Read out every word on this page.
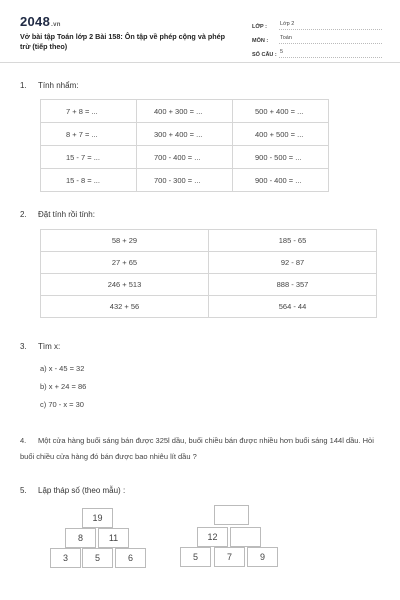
2048.vn
Vở bài tập Toán lớp 2 Bài 158: Ôn tập về phép cộng và phép trừ (tiếp theo)
LỚP :	Lớp 2
MÔN :	Toán
SỐ CÂU : 5
1.	Tính nhẩm:
7 + 8 = ...	400 + 300 = ...	500 + 400 = ...
8 + 7 = ...	300 + 400 = ...	400 + 500 = ...
15 - 7 = ...	700 - 400 = ...	900 - 500 = ...
15 - 8 = ...	700 - 300 = ...	900 - 400 = ...
2.	Đặt tính rồi tính:
58 + 29	185 - 65
27 + 65	92 - 87
246 + 513	888 - 357
432 + 56	564 - 44
3.	Tìm x:
a) x - 45 = 32
b) x + 24 = 86
c) 70 - x = 30
4. Một cửa hàng buổi sáng bán được 325l dầu, buổi chiều bán được nhiều hơn buổi sáng 144l dầu. Hỏi buổi chiều cửa hàng đó bán được bao nhiêu lít dầu ?
5.	Lập tháp số (theo mẫu) :
19
8	11
3	5	6
12
5	7	9
